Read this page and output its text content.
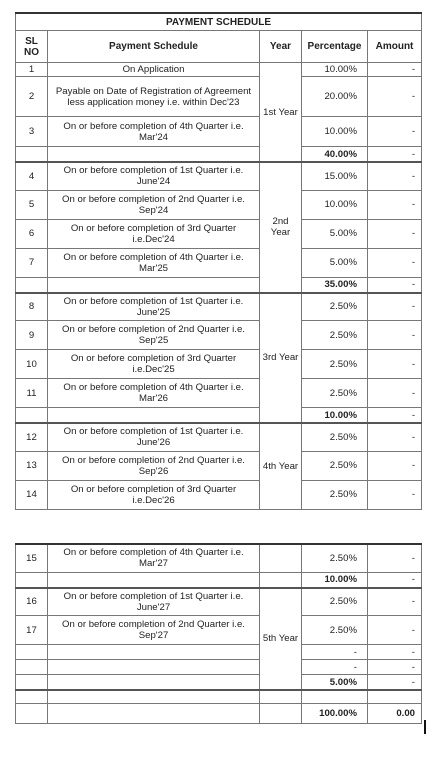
PAYMENT SCHEDULE				
SL NO	Payment Schedule	Year	Percentage	Amount
1	On Application	1st Year	10.00%	-
2	Payable on Date of Registration of Agreement less application money i.e. within Dec'23		20.00%	-
3	On or before completion of 4th Quarter i.e. Mar'24		10.00%	-
			40.00%	-
4	On or before completion of 1st Quarter i.e. June'24	2nd Year	15.00%	-
5	On or before completion of 2nd Quarter i.e. Sep'24		10.00%	-
6	On or before completion of 3rd Quarter i.e.Dec'24		5.00%	-
7	On or before completion of 4th Quarter i.e. Mar'25		5.00%	-
			35.00%	-
8	On or before completion of 1st Quarter i.e. June'25	3rd Year	2.50%	-
9	On or before completion of 2nd Quarter i.e. Sep'25		2.50%	-
10	On or before completion of 3rd Quarter i.e.Dec'25		2.50%	-
11	On or before completion of 4th Quarter i.e. Mar'26		2.50%	-
			10.00%	-
12	On or before completion of 1st Quarter i.e. June'26	4th Year	2.50%	-
13	On or before completion of 2nd Quarter i.e. Sep'26		2.50%	-
14	On or before completion of 3rd Quarter i.e.Dec'26		2.50%	-
15	On or before completion of 4th Quarter i.e. Mar'27		2.50%	-
			10.00%	-
16	On or before completion of 1st Quarter i.e. June'27	5th Year	2.50%	-
17	On or before completion of 2nd Quarter i.e. Sep'27		2.50%	-
			-	-
			-	-
			5.00%	-

			100.00%	0.00
